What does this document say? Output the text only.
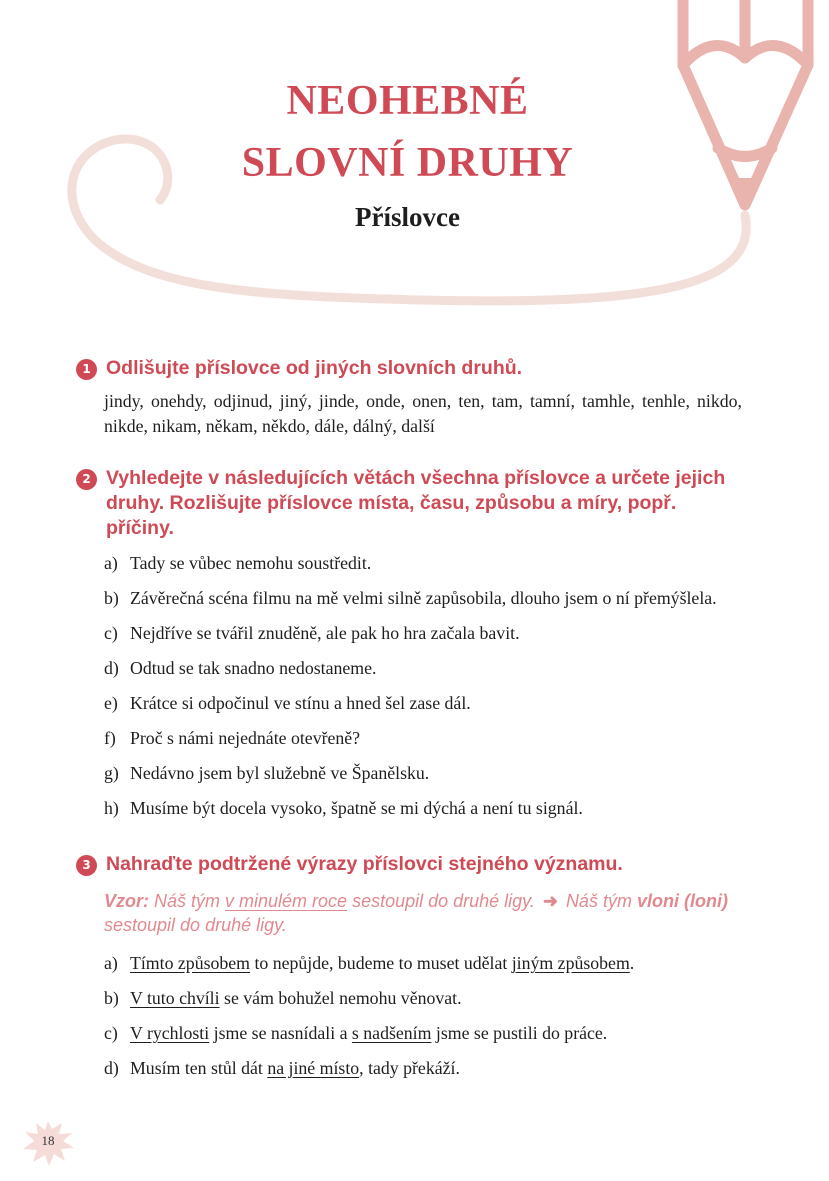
NEOHEBNÉ
SLOVNÍ DRUHY
Příslovce
1 Odlišujte příslovce od jiných slovních druhů.
jindy, onehdy, odjinud, jiný, jinde, onde, onen, ten, tam, tamní, tamhle, tenhle, nikdo, nikde, nikam, někam, někdo, dále, dálný, další
2 Vyhledejte v následujících větách všechna příslovce a určete jejich druhy. Rozlišujte příslovce místa, času, způsobu a míry, popř. příčiny.
a) Tady se vůbec nemohu soustředit.
b) Závěrečná scéna filmu na mě velmi silně zapůsobila, dlouho jsem o ní přemýšlela.
c) Nejdříve se tvářil znuděně, ale pak ho hra začala bavit.
d) Odtud se tak snadno nedostaneme.
e) Krátce si odpočinul ve stínu a hned šel zase dál.
f) Proč s námi nejednáte otevřeně?
g) Nedávno jsem byl služebně ve Španělsku.
h) Musíme být docela vysoko, špatně se mi dýchá a není tu signál.
3 Nahraďte podtržené výrazy příslovci stejného významu.
Vzor: Náš tým v minulém roce sestoupil do druhé ligy. ➜ Náš tým vloni (loni) sestoupil do druhé ligy.
a) Tímto způsobem to nepůjde, budeme to muset udělat jiným způsobem.
b) V tuto chvíli se vám bohužel nemohu věnovat.
c) V rychlosti jsme se nasnídali a s nadšením jsme se pustili do práce.
d) Musím ten stůl dát na jiné místo, tady překáží.
18
